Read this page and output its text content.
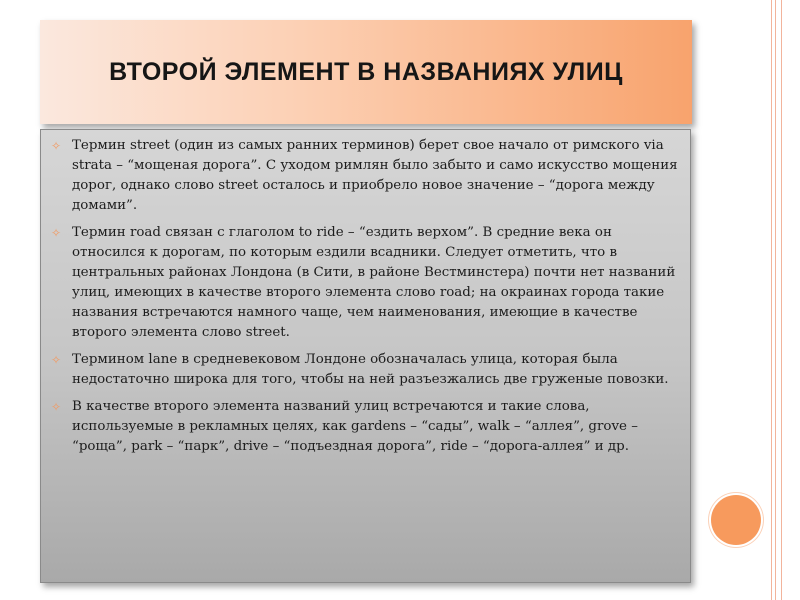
ВТОРОЙ ЭЛЕМЕНТ В НАЗВАНИЯХ УЛИЦ
✧ Термин street (один из самых ранних терминов) берет свое начало от римского via strata – “мощеная дорога”. С уходом римлян было забыто и само искусство мощения дорог, однако слово street осталось и приобрело новое значение – “дорога между домами”.
✧ Термин road связан с глаголом to ride – “ездить верхом”. В средние века он относился к дорогам, по которым ездили всадники. Следует отметить, что в центральных районах Лондона (в Сити, в районе Вестминстера) почти нет названий улиц, имеющих в качестве второго элемента слово road; на окраинах города такие названия встречаются намного чаще, чем наименования, имеющие в качестве второго элемента слово street.
✧ Термином lane в средневековом Лондоне обозначалась улица, которая была недостаточно широка для того, чтобы на ней разъезжались две груженые повозки.
✧ В качестве второго элемента названий улиц встречаются и такие слова, используемые в рекламных целях, как gardens – “сады”, walk – “аллея”, grove – “роща”, park – “парк”, drive – “подъездная дорога”, ride – “дорога-аллея” и др.
